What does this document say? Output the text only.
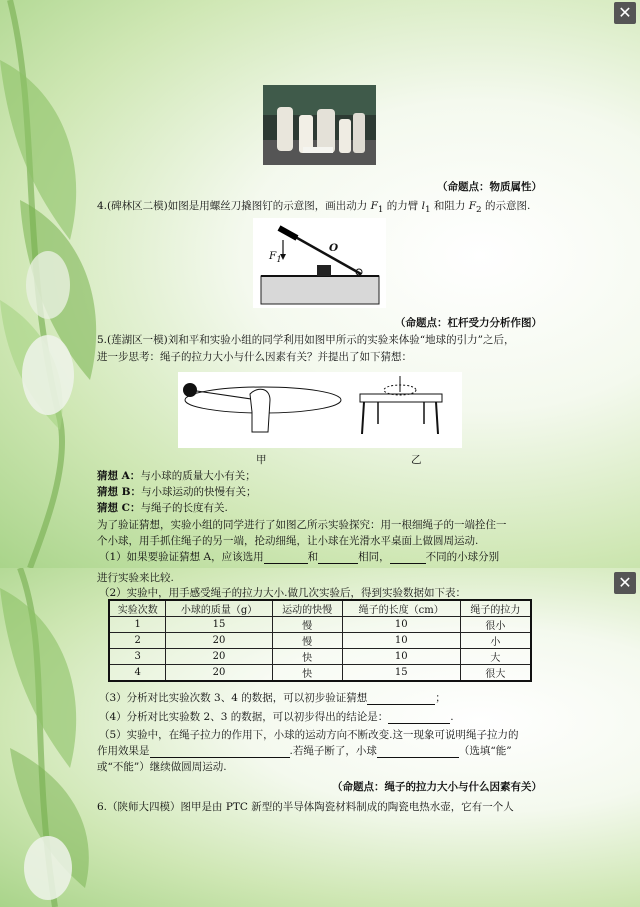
✕
（命题点：物质属性）
4.(碑林区二模)如图是用螺丝刀撬图钉的示意图，画出动力 $F_1$ 的力臂 $l_1$ 和阻力 $F_2$ 的示意图.
O
$F_1$
（命题点：杠杆受力分析作图）
5.(莲湖区一模)刘和平和实验小组的同学利用如图甲所示的实验来体验“地球的引力”之后，
进一步思考：绳子的拉力大小与什么因素有关？并提出了如下猜想：
甲	乙
猜想 A：与小球的质量大小有关；
猜想 B：与小球运动的快慢有关；
猜想 C：与绳子的长度有关.
为了验证猜想，实验小组的同学进行了如图乙所示实验探究：用一根细绳子的一端拴住一
个小球，用手抓住绳子的另一端，抡动细绳，让小球在光滑水平桌面上做圆周运动.
（1）如果要验证猜想 A，应该选用	和	相同，	不同的小球分别
✕
进行实验来比较.
（2）实验中，用手感受绳子的拉力大小.做几次实验后，得到实验数据如下表：
实验次数	小球的质量（g）	运动的快慢	绳子的长度（cm）	绳子的拉力
1	15	慢	10	很小
2	20	慢	10	小
3	20	快	10	大
4	20	快	15	很大
（3）分析对比实验次数 3、4 的数据，可以初步验证猜想	；
（4）分析对比实验数 2、3 的数据，可以初步得出的结论是：	.
（5）实验中，在绳子拉力的作用下，小球的运动方向不断改变.这一现象可说明绳子拉力的
作用效果是	.若绳子断了，小球	（选填“能”
或“不能”）继续做圆周运动.
（命题点：绳子的拉力大小与什么因素有关）
6.（陕师大四模）图甲是由 PTC 新型的半导体陶瓷材料制成的陶瓷电热水壶，它有一个人
